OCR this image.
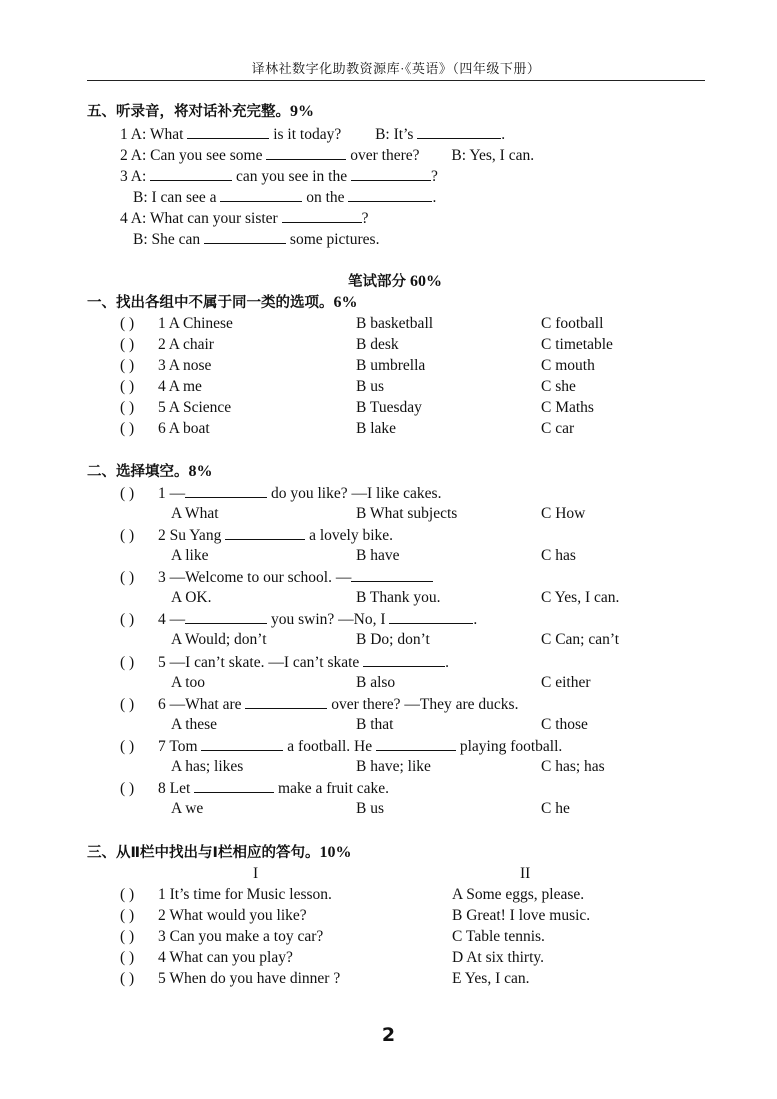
译林社数字化助教资源库·《英语》（四年级下册）
五、听录音，将对话补充完整。9%
1 A: What	is it today? B: It’s	.
2 A: Can you see some	over there? B: Yes, I can.
3 A:	can you see in the	?
B: I can see a	on the	.
4 A: What can your sister	?
B: She can	some pictures.
笔试部分 60%
一、找出各组中不属于同一类的选项。6%
( ) 1 A Chinese	B basketball	C football
( ) 2 A chair	B desk	C timetable
( ) 3 A nose	B umbrella	C mouth
( ) 4 A me	B us	C she
( ) 5 A Science	B Tuesday	C Maths
( ) 6 A boat	B lake	C car
二、选择填空。8%
( ) 1 —	do you like? —I like cakes.
A What	B What subjects	C How
( ) 2 Su Yang	a lovely bike.
A like	B have	C has
( ) 3 —Welcome to our school. —
A OK.	B Thank you.	C Yes, I can.
( ) 4 —	you swin? —No, I	.
A Would; don’t	B Do; don’t	C Can; can’t
( ) 5 —I can’t skate. —I can’t skate	.
A too	B also	C either
( ) 6 —What are	over there? —They are ducks.
A these	B that	C those
( ) 7 Tom	a football. He	playing football.
A has; likes	B have; like	C has; has
( ) 8 Let	make a fruit cake.
A we	B us	C he
三、从Ⅱ栏中找出与Ⅰ栏相应的答句。10%
I	II
( ) 1 It’s time for Music lesson.	A Some eggs, please.
( ) 2 What would you like?	B Great! I love music.
( ) 3 Can you make a toy car?	C Table tennis.
( ) 4 What can you play?	D At six thirty.
( ) 5 When do you have dinner ?	E Yes, I can.
2
